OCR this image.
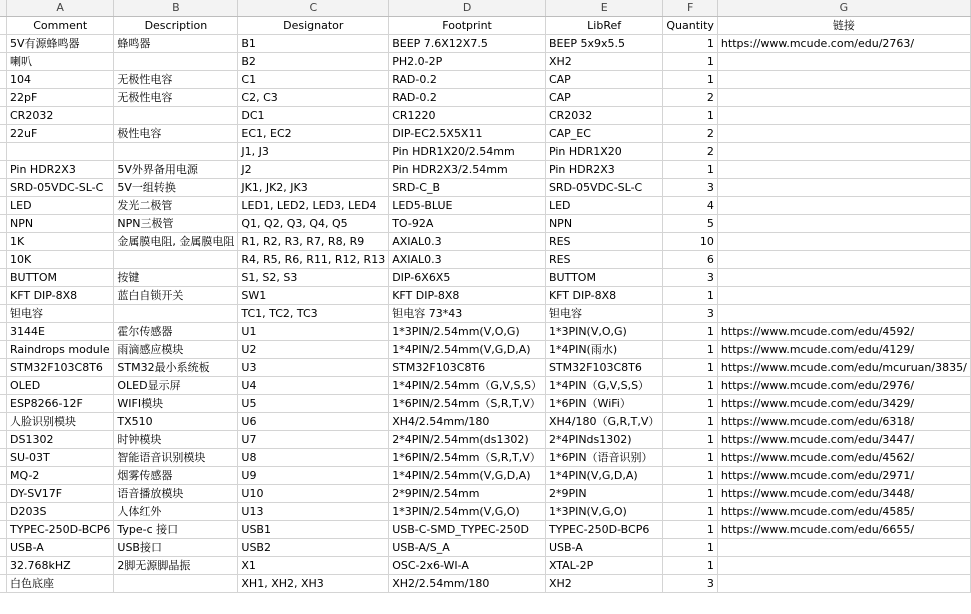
	A	B	C	D	E	F	G
	Comment	Description	Designator	Footprint	LibRef	Quantity	链接
	5V有源蜂鸣器	蜂鸣器	B1	BEEP 7.6X12X7.5	BEEP 5x9x5.5	1	https://www.mcude.com/edu/2763/
	喇叭		B2	PH2.0-2P	XH2	1	
	104	无极性电容	C1	RAD-0.2	CAP	1	
	22pF	无极性电容	C2, C3	RAD-0.2	CAP	2	
	CR2032		DC1	CR1220	CR2032	1	
	22uF	极性电容	EC1, EC2	DIP-EC2.5X5X11	CAP_EC	2	
			J1, J3	Pin HDR1X20/2.54mm	Pin HDR1X20	2	
	Pin HDR2X3	5V外界备用电源	J2	Pin HDR2X3/2.54mm	Pin HDR2X3	1	
	SRD-05VDC-SL-C	5V一组转换	JK1, JK2, JK3	SRD-C_B	SRD-05VDC-SL-C	3	
	LED	发光二极管	LED1, LED2, LED3, LED4	LED5-BLUE	LED	4	
	NPN	NPN三极管	Q1, Q2, Q3, Q4, Q5	TO-92A	NPN	5	
	1K	金属膜电阻, 金属膜电阻	R1, R2, R3, R7, R8, R9	AXIAL0.3	RES	10	
	10K		R4, R5, R6, R11, R12, R13	AXIAL0.3	RES	6	
	BUTTOM	按键	S1, S2, S3	DIP-6X6X5	BUTTOM	3	
	KFT DIP-8X8	蓝白自锁开关	SW1	KFT DIP-8X8	KFT DIP-8X8	1	
	钽电容		TC1, TC2, TC3	钽电容 73*43	钽电容	3	
	3144E	霍尔传感器	U1	1*3PIN/2.54mm(V,O,G)	1*3PIN(V,O,G)	1	https://www.mcude.com/edu/4592/
	Raindrops module	雨滴感应模块	U2	1*4PIN/2.54mm(V,G,D,A)	1*4PIN(雨水)	1	https://www.mcude.com/edu/4129/
	STM32F103C8T6	STM32最小系统板	U3	STM32F103C8T6	STM32F103C8T6	1	https://www.mcude.com/edu/mcuruan/3835/
	OLED	OLED显示屏	U4	1*4PIN/2.54mm（G,V,S,S）	1*4PIN（G,V,S,S）	1	https://www.mcude.com/edu/2976/
	ESP8266-12F	WIFI模块	U5	1*6PIN/2.54mm（S,R,T,V）	1*6PIN（WiFi）	1	https://www.mcude.com/edu/3429/
	人脸识别模块	TX510	U6	XH4/2.54mm/180	XH4/180（G,R,T,V）	1	https://www.mcude.com/edu/6318/
	DS1302	时钟模块	U7	2*4PIN/2.54mm(ds1302)	2*4PINds1302)	1	https://www.mcude.com/edu/3447/
	SU-03T	智能语音识别模块	U8	1*6PIN/2.54mm（S,R,T,V）	1*6PIN（语音识别）	1	https://www.mcude.com/edu/4562/
	MQ-2	烟雾传感器	U9	1*4PIN/2.54mm(V,G,D,A)	1*4PIN(V,G,D,A)	1	https://www.mcude.com/edu/2971/
	DY-SV17F	语音播放模块	U10	2*9PIN/2.54mm	2*9PIN	1	https://www.mcude.com/edu/3448/
	D203S	人体红外	U13	1*3PIN/2.54mm(V,G,O)	1*3PIN(V,G,O)	1	https://www.mcude.com/edu/4585/
	TYPEC-250D-BCP6	Type-c 接口	USB1	USB-C-SMD_TYPEC-250D	TYPEC-250D-BCP6	1	https://www.mcude.com/edu/6655/
	USB-A	USB接口	USB2	USB-A/S_A	USB-A	1	
	32.768kHZ	2脚无源脚晶振	X1	OSC-2x6-WI-A	XTAL-2P	1	
	白色底座		XH1, XH2, XH3	XH2/2.54mm/180	XH2	3	
